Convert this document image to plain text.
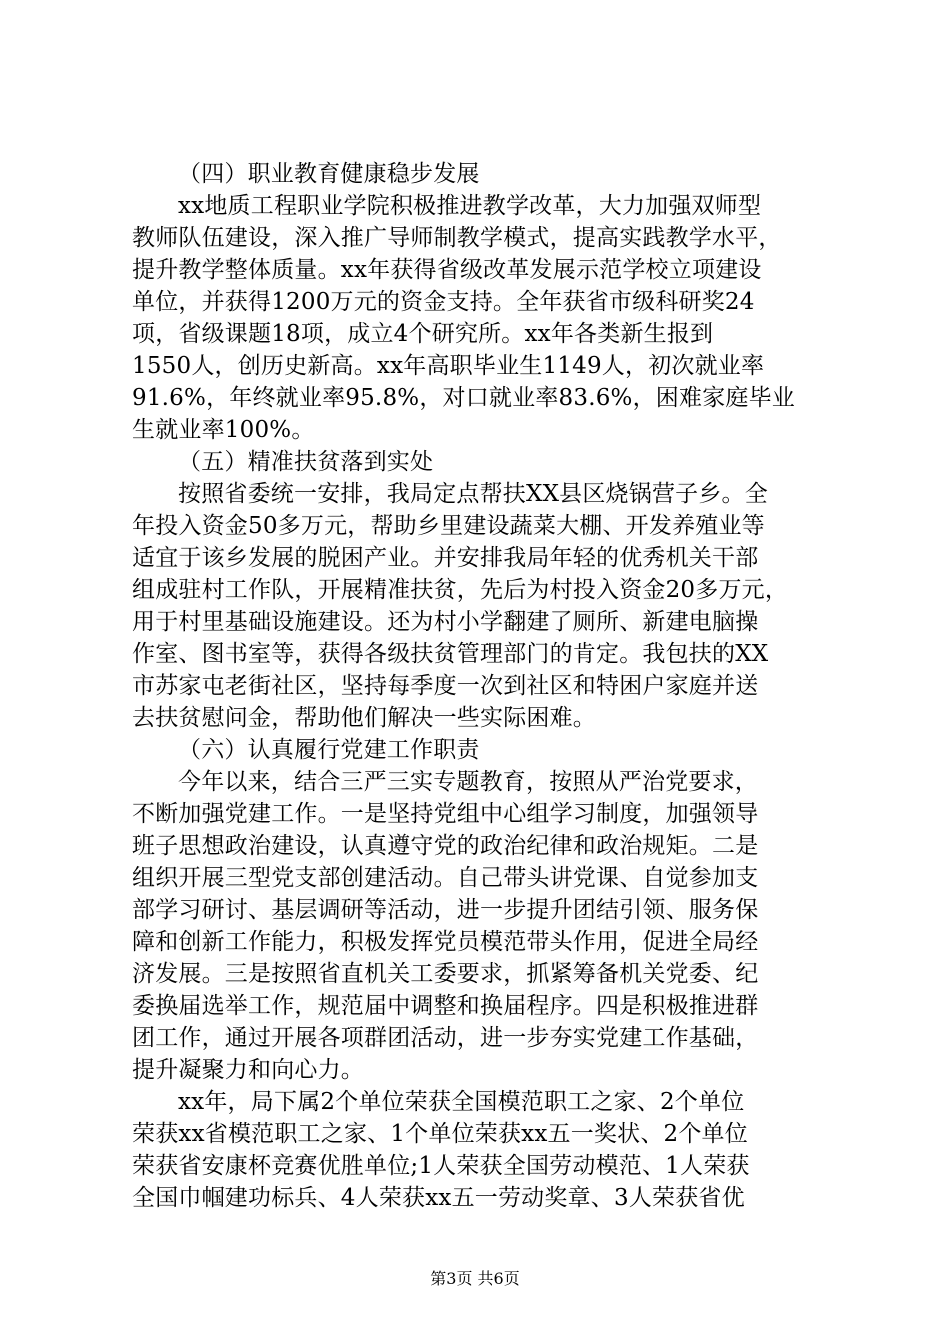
（四）职业教育健康稳步发展
xx地质工程职业学院积极推进教学改革，大力加强双师型
教师队伍建设，深入推广导师制教学模式，提高实践教学水平，
提升教学整体质量。xx年获得省级改革发展示范学校立项建设
单位，并获得1200万元的资金支持。全年获省市级科研奖24
项，省级课题18项，成立4个研究所。xx年各类新生报到
1550人，创历史新高。xx年高职毕业生1149人，初次就业率
91.6%，年终就业率95.8%，对口就业率83.6%，困难家庭毕业
生就业率100%。
（五）精准扶贫落到实处
按照省委统一安排，我局定点帮扶XX县区烧锅营子乡。全
年投入资金50多万元，帮助乡里建设蔬菜大棚、开发养殖业等
适宜于该乡发展的脱困产业。并安排我局年轻的优秀机关干部
组成驻村工作队，开展精准扶贫，先后为村投入资金20多万元，
用于村里基础设施建设。还为村小学翻建了厕所、新建电脑操
作室、图书室等，获得各级扶贫管理部门的肯定。我包扶的XX
市苏家屯老街社区，坚持每季度一次到社区和特困户家庭并送
去扶贫慰问金，帮助他们解决一些实际困难。
（六）认真履行党建工作职责
今年以来，结合三严三实专题教育，按照从严治党要求，
不断加强党建工作。一是坚持党组中心组学习制度，加强领导
班子思想政治建设，认真遵守党的政治纪律和政治规矩。二是
组织开展三型党支部创建活动。自己带头讲党课、自觉参加支
部学习研讨、基层调研等活动，进一步提升团结引领、服务保
障和创新工作能力，积极发挥党员模范带头作用，促进全局经
济发展。三是按照省直机关工委要求，抓紧筹备机关党委、纪
委换届选举工作，规范届中调整和换届程序。四是积极推进群
团工作，通过开展各项群团活动，进一步夯实党建工作基础，
提升凝聚力和向心力。
xx年，局下属2个单位荣获全国模范职工之家、2个单位
荣获xx省模范职工之家、1个单位荣获xx五一奖状、2个单位
荣获省安康杯竞赛优胜单位;1人荣获全国劳动模范、1人荣获
全国巾帼建功标兵、4人荣获xx五一劳动奖章、3人荣获省优
第3页 共6页
